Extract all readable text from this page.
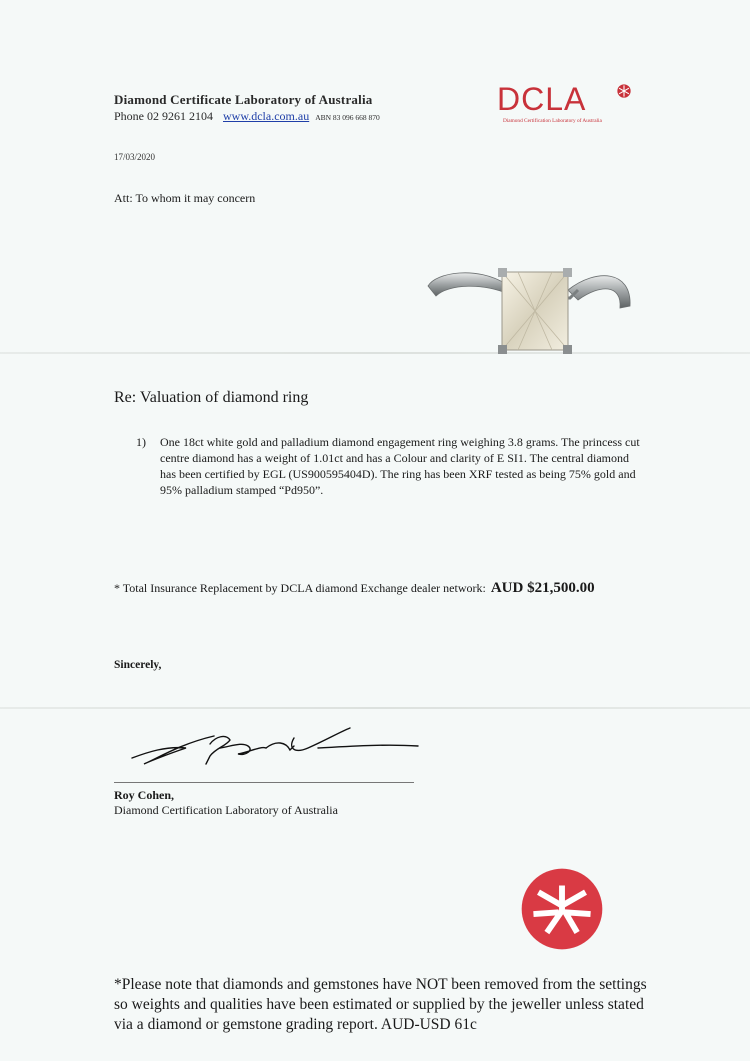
Diamond Certificate Laboratory of Australia
Phone 02 9261 2104 www.dcla.com.au ABN 83 096 668 870
DCLA
Diamond Certification Laboratory of Australia
17/03/2020
Att: To whom it may concern
Re: Valuation of diamond ring
1) One 18ct white gold and palladium diamond engagement ring weighing 3.8 grams. The princess cut centre diamond has a weight of 1.01ct and has a Colour and clarity of E SI1. The central diamond has been certified by EGL (US900595404D). The ring has been XRF tested as being 75% gold and 95% palladium stamped “Pd950”.
* Total Insurance Replacement by DCLA diamond Exchange dealer network: AUD $21,500.00
Sincerely,
Roy Cohen,
Diamond Certification Laboratory of Australia
*Please note that diamonds and gemstones have NOT been removed from the settings so weights and qualities have been estimated or supplied by the jeweller unless stated via a diamond or gemstone grading report. AUD-USD 61c
